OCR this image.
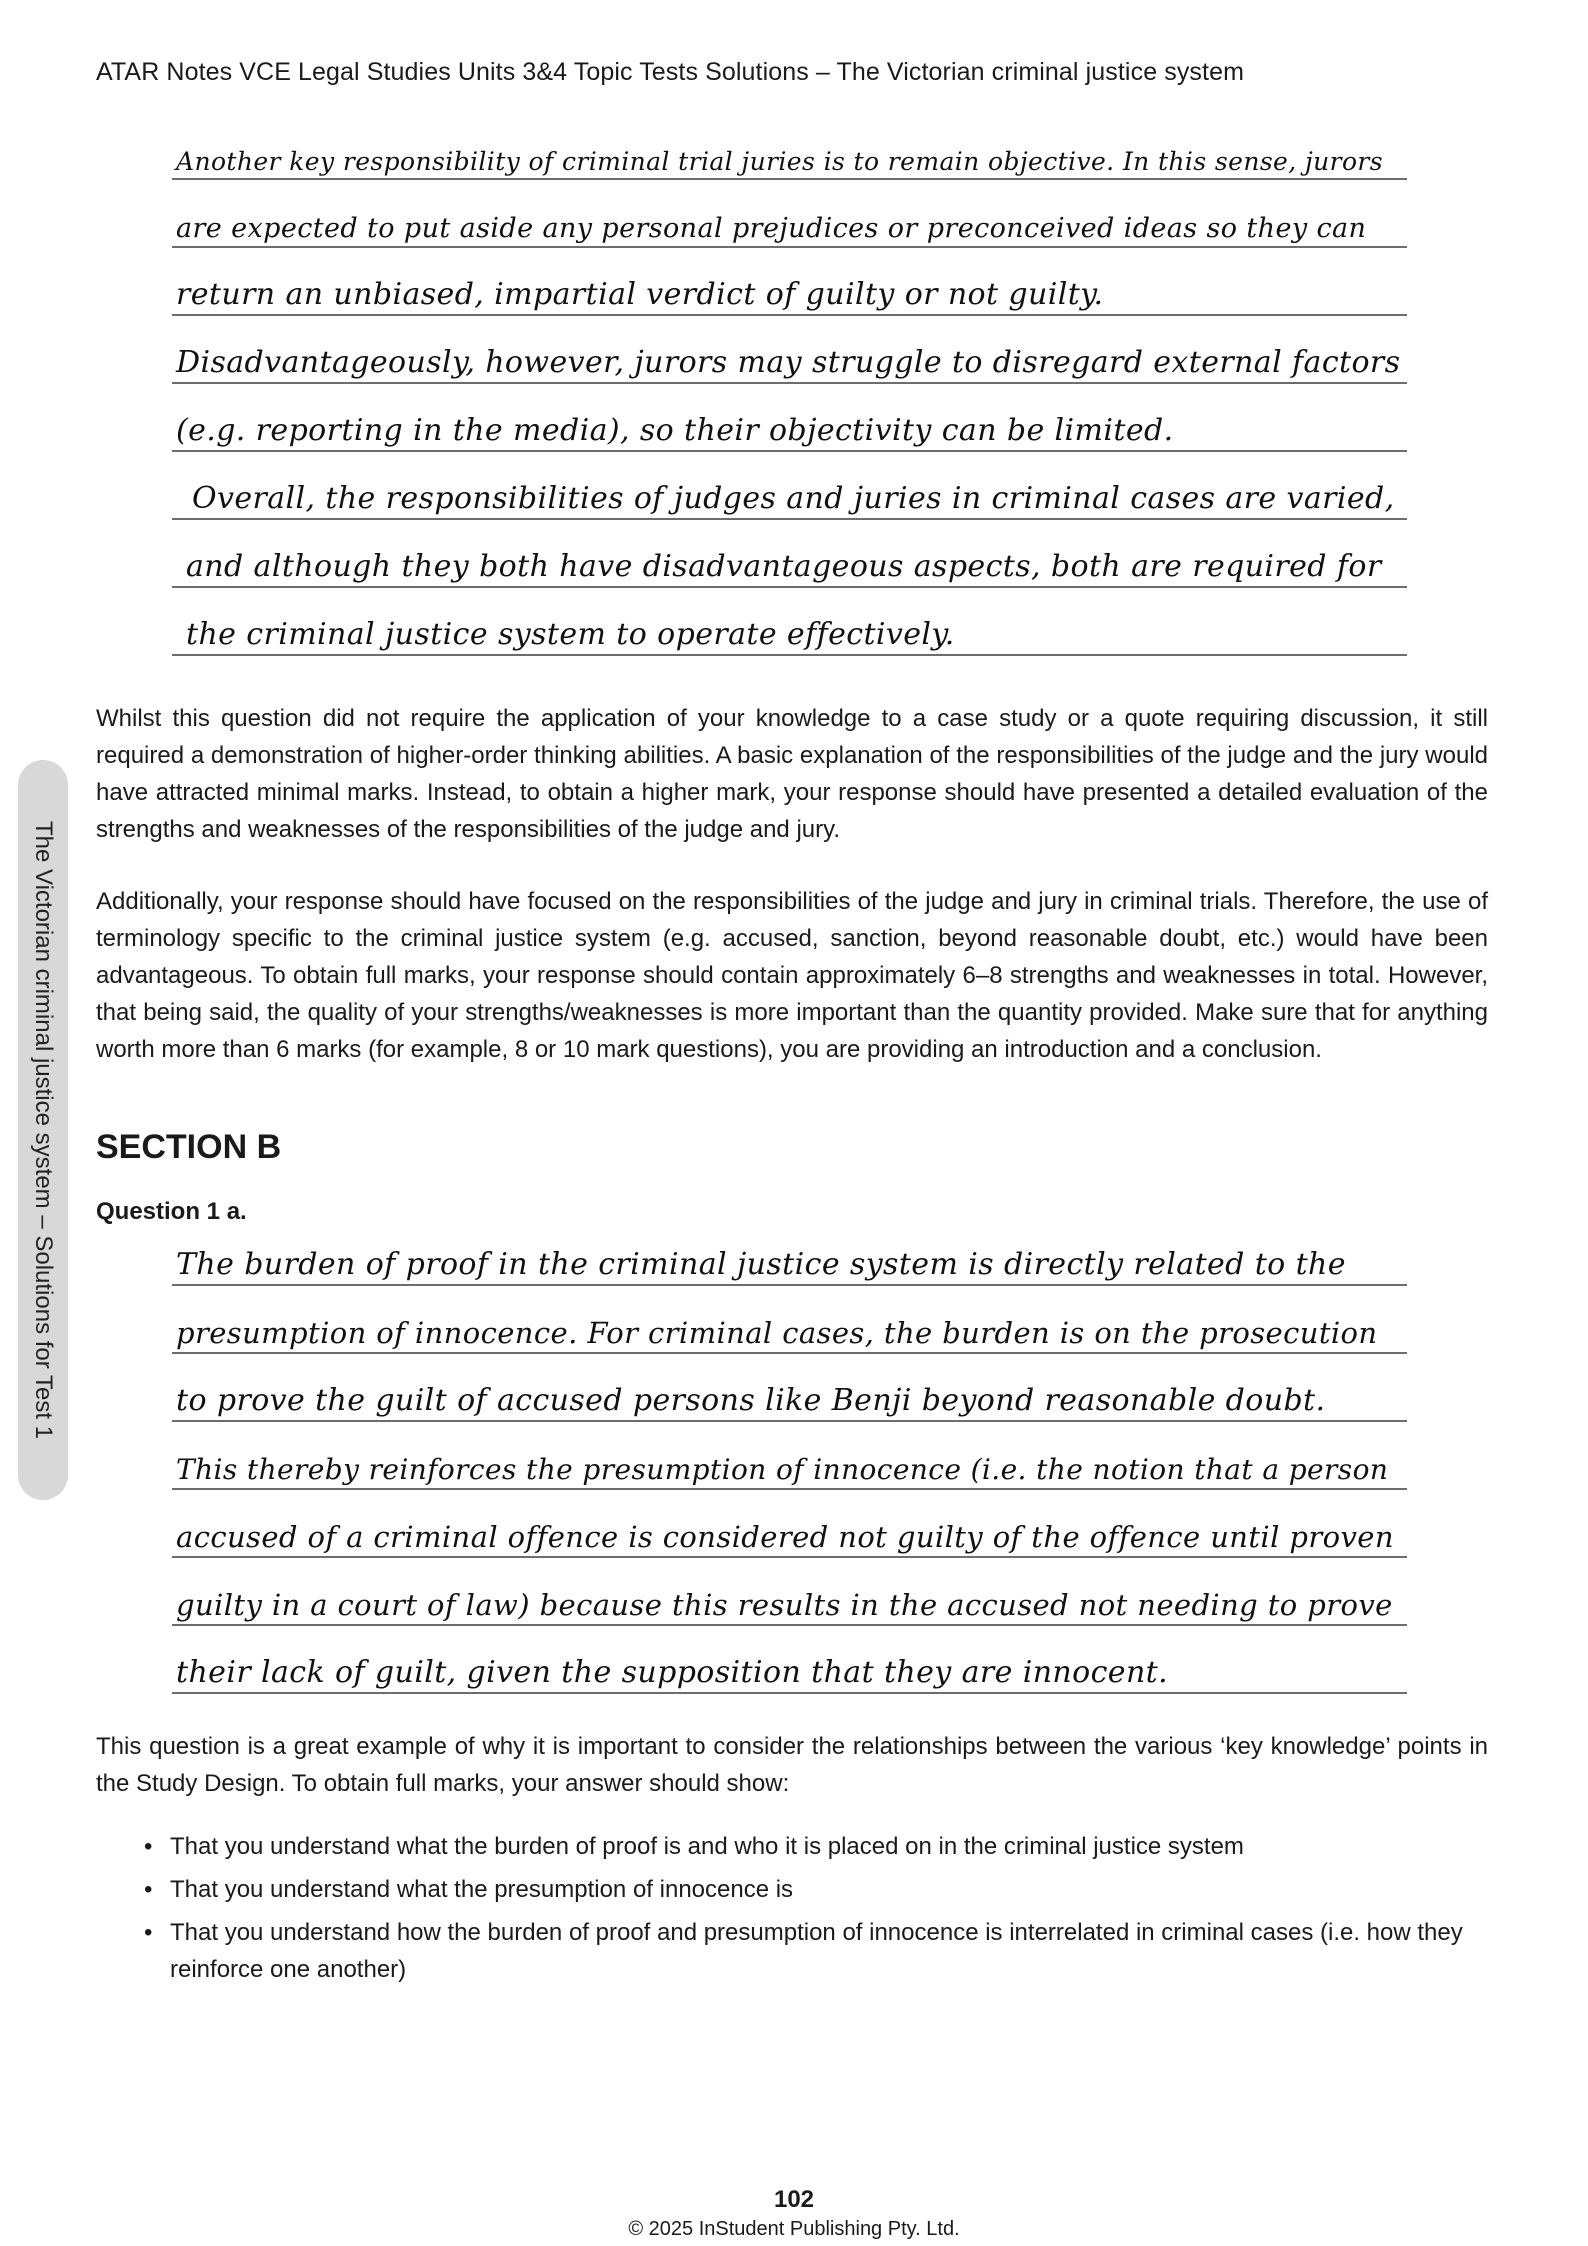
ATAR Notes VCE Legal Studies Units 3&4 Topic Tests Solutions – The Victorian criminal justice system
The Victorian criminal justice system – Solutions for Test 1
Another key responsibility of criminal trial juries is to remain objective. In this sense, jurors
are expected to put aside any personal prejudices or preconceived ideas so they can
return an unbiased, impartial verdict of guilty or not guilty.
Disadvantageously, however, jurors may struggle to disregard external factors
(e.g. reporting in the media), so their objectivity can be limited.
Overall, the responsibilities of judges and juries in criminal cases are varied,
and although they both have disadvantageous aspects, both are required for
the criminal justice system to operate effectively.

Whilst this question did not require the application of your knowledge to a case study or a quote requiring discussion, it still required a demonstration of higher-order thinking abilities. A basic explanation of the responsibilities of the judge and the jury would have attracted minimal marks. Instead, to obtain a higher mark, your response should have presented a detailed evaluation of the strengths and weaknesses of the responsibilities of the judge and jury.

Additionally, your response should have focused on the responsibilities of the judge and jury in criminal trials. Therefore, the use of terminology specific to the criminal justice system (e.g. accused, sanction, beyond reasonable doubt, etc.) would have been advantageous. To obtain full marks, your response should contain approximately 6–8 strengths and weaknesses in total. However, that being said, the quality of your strengths/weaknesses is more important than the quantity provided. Make sure that for anything worth more than 6 marks (for example, 8 or 10 mark questions), you are providing an introduction and a conclusion.

SECTION B
Question 1 a.
The burden of proof in the criminal justice system is directly related to the
presumption of innocence. For criminal cases, the burden is on the prosecution
to prove the guilt of accused persons like Benji beyond reasonable doubt.
This thereby reinforces the presumption of innocence (i.e. the notion that a person
accused of a criminal offence is considered not guilty of the offence until proven
guilty in a court of law) because this results in the accused not needing to prove
their lack of guilt, given the supposition that they are innocent.

This question is a great example of why it is important to consider the relationships between the various ‘key knowledge’ points in the Study Design. To obtain full marks, your answer should show:

• That you understand what the burden of proof is and who it is placed on in the criminal justice system
• That you understand what the presumption of innocence is
• That you understand how the burden of proof and presumption of innocence is interrelated in criminal cases (i.e. how they reinforce one another)
102
© 2025 InStudent Publishing Pty. Ltd.
